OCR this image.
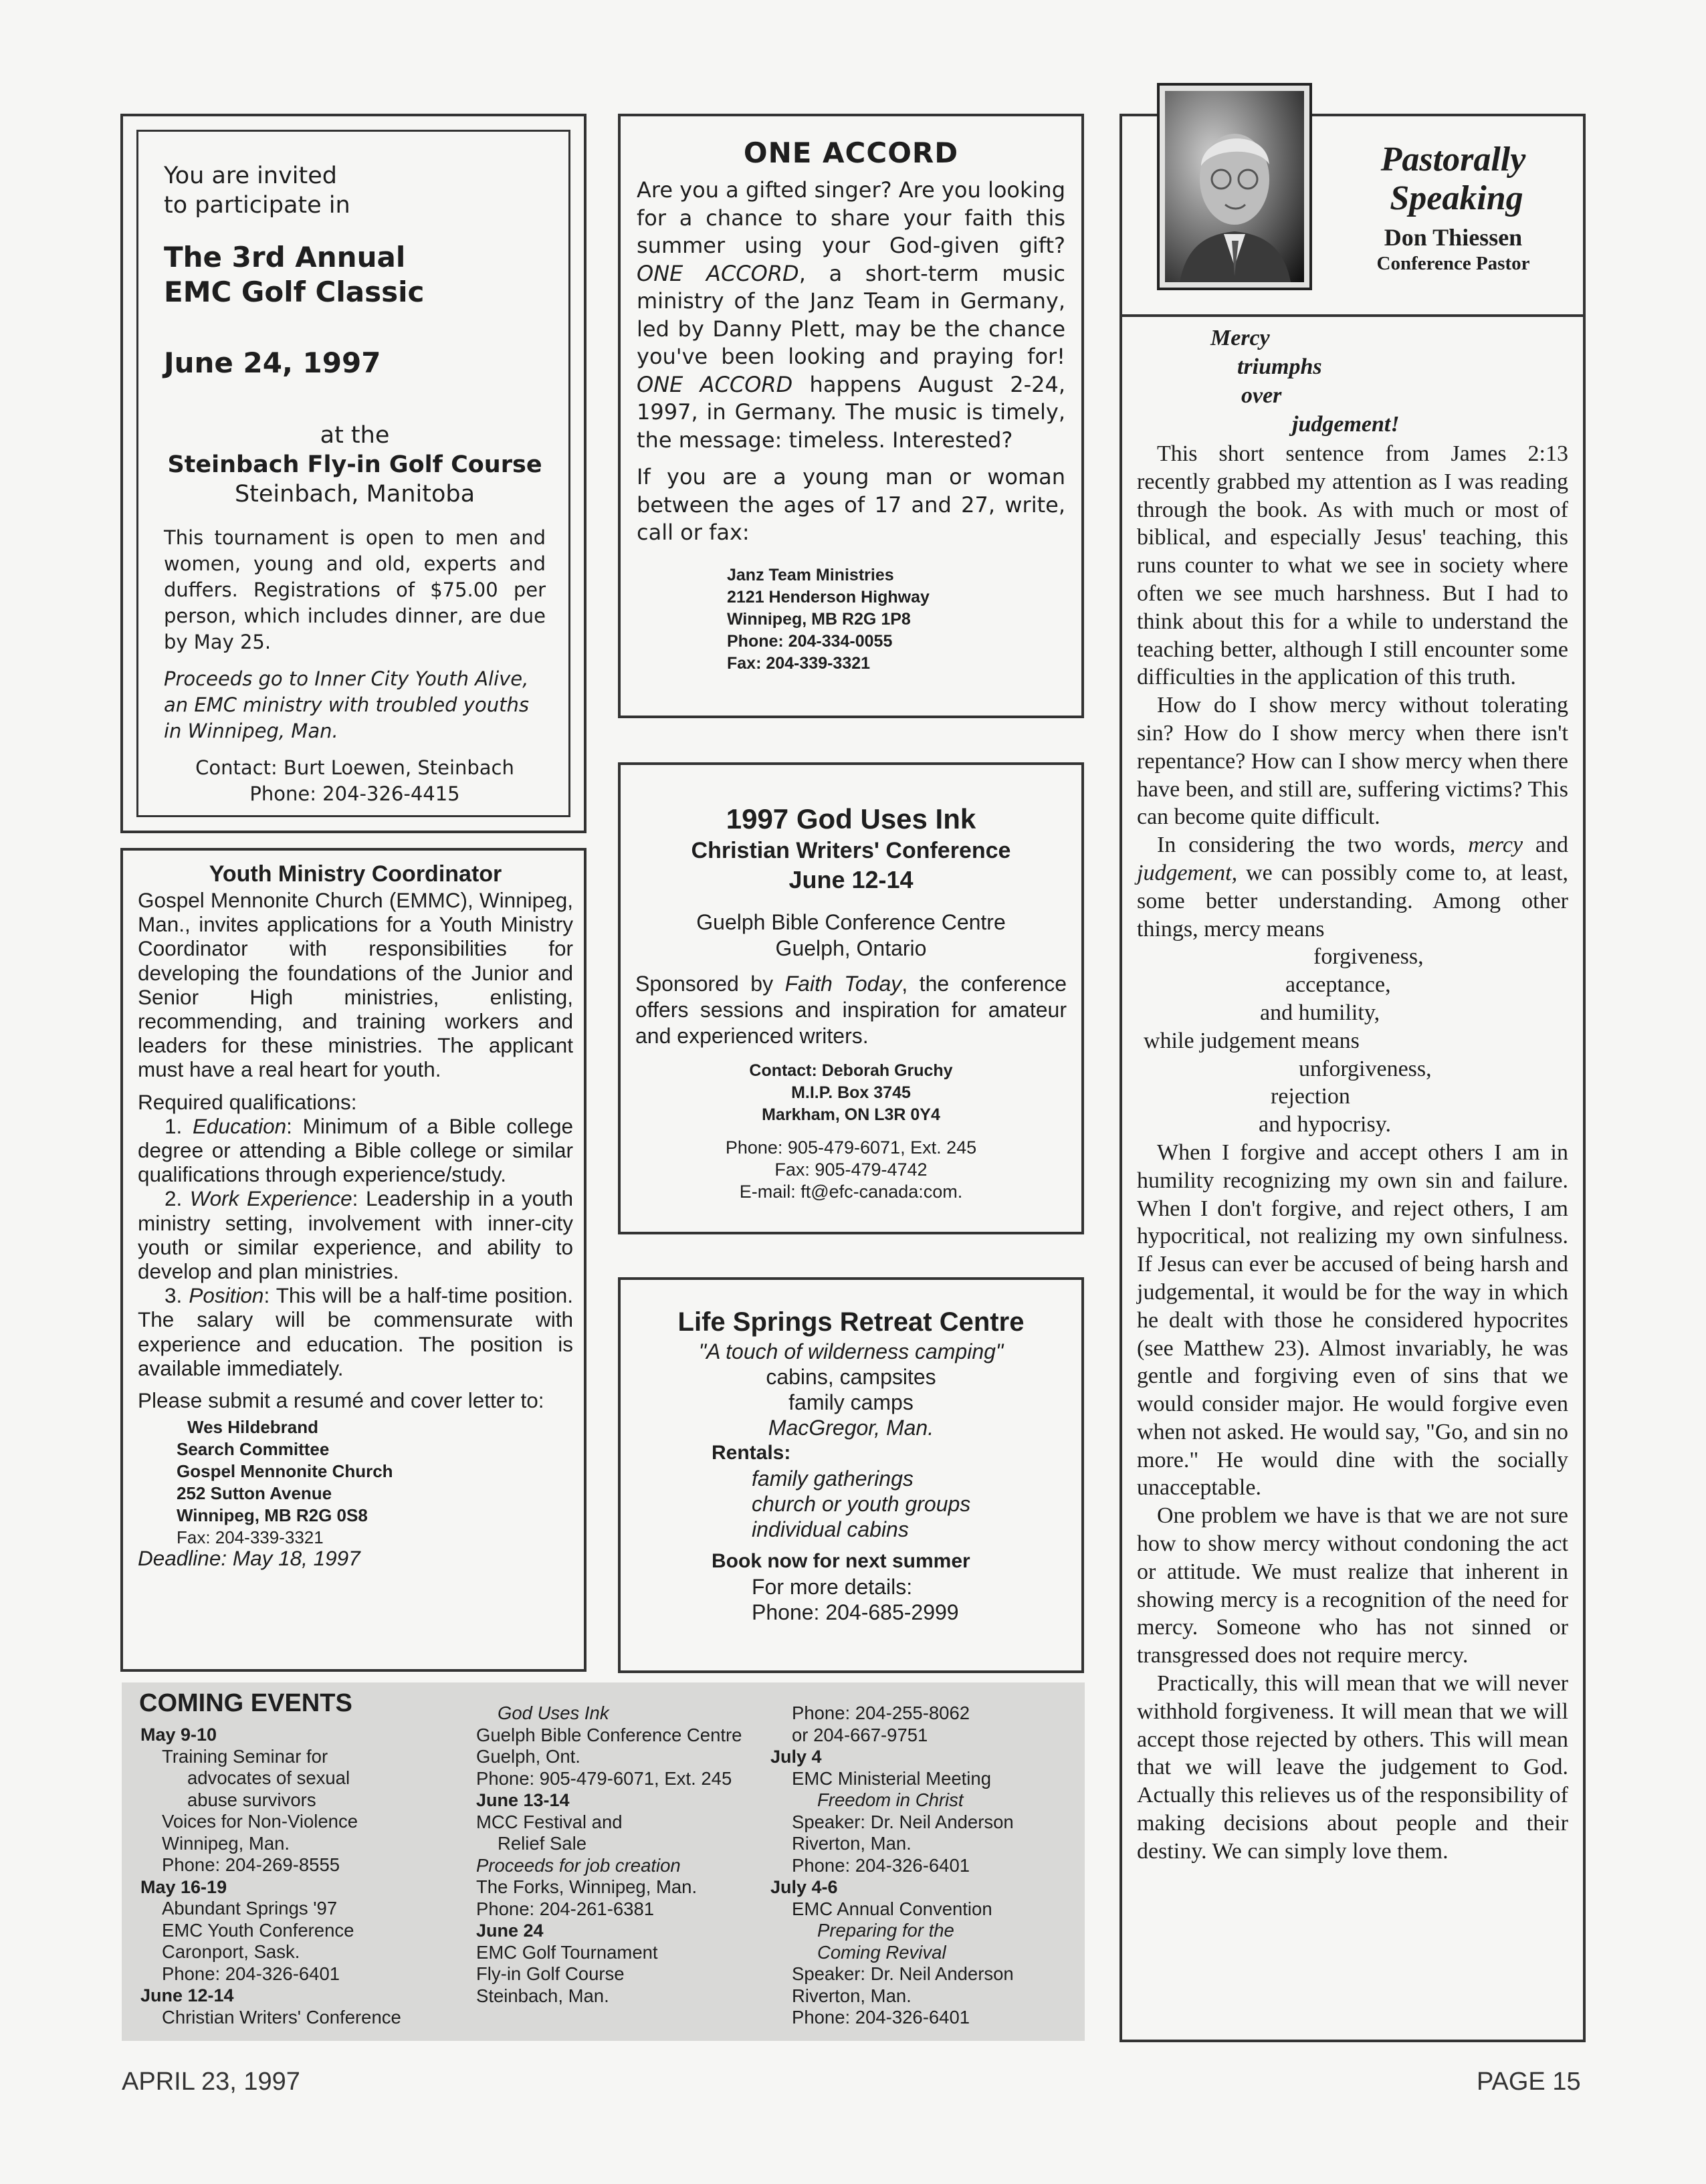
You are invited

to participate in

The 3rd Annual

EMC Golf Classic

June 24, 1997

at the

Steinbach Fly-in Golf Course

Steinbach, Manitoba

This tournament is open to men and women, young and old, experts and duffers. Registrations of $75.00 per person, which includes dinner, are due by May 25.

Proceeds go to Inner City Youth Alive, an EMC ministry with troubled youths in Winnipeg, Man.

Contact: Burt Loewen, Steinbach

Phone: 204-326-4415

ONE ACCORD

Are you a gifted singer? Are you looking for a chance to share your faith this summer using your God-given gift? ONE ACCORD, a short-term music ministry of the Janz Team in Germany, led by Danny Plett, may be the chance you've been looking and praying for! ONE ACCORD happens August 2-24, 1997, in Germany. The music is timely, the message: timeless. Interested?

If you are a young man or woman between the ages of 17 and 27, write, call or fax:

Janz Team Ministries

2121 Henderson Highway

Winnipeg, MB R2G 1P8

Phone: 204-334-0055

Fax: 204-339-3321

Youth Ministry Coordinator

Gospel Mennonite Church (EMMC), Winnipeg, Man., invites applications for a Youth Ministry Coordinator with responsibilities for developing the foundations of the Junior and Senior High ministries, enlisting, recommending, and training workers and leaders for these ministries. The applicant must have a real heart for youth.

Required qualifications:

1. Education: Minimum of a Bible college degree or attending a Bible college or similar qualifications through experience/study.

2. Work Experience: Leadership in a youth ministry setting, involvement with inner-city youth or similar experience, and ability to develop and plan ministries.

3. Position: This will be a half-time position. The salary will be commensurate with experience and education. The position is available immediately.

Please submit a resumé and cover letter to:

Wes Hildebrand

Search Committee

Gospel Mennonite Church

252 Sutton Avenue

Winnipeg, MB R2G 0S8

Fax: 204-339-3321

Deadline: May 18, 1997

1997 God Uses Ink

Christian Writers' Conference

June 12-14

Guelph Bible Conference Centre

Guelph, Ontario

Sponsored by Faith Today, the conference offers sessions and inspiration for amateur and experienced writers.

Contact: Deborah Gruchy

M.I.P. Box 3745

Markham, ON L3R 0Y4

Phone: 905-479-6071, Ext. 245

Fax: 905-479-4742

E-mail: ft@efc-canada:com.

Life Springs Retreat Centre

"A touch of wilderness camping"

cabins, campsites

family camps

MacGregor, Man.

Rentals:

family gatherings

church or youth groups

individual cabins

Book now for next summer

For more details:

Phone: 204-685-2999

COMING EVENTS

May 9-10

Training Seminar for

advocates of sexual

abuse survivors

Voices for Non-Violence

Winnipeg, Man.

Phone: 204-269-8555

May 16-19

Abundant Springs '97

EMC Youth Conference

Caronport, Sask.

Phone: 204-326-6401

June 12-14

Christian Writers' Conference

God Uses Ink

Guelph Bible Conference Centre

Guelph, Ont.

Phone: 905-479-6071, Ext. 245

June 13-14

MCC Festival and

Relief Sale

Proceeds for job creation

The Forks, Winnipeg, Man.

Phone: 204-261-6381

June 24

EMC Golf Tournament

Fly-in Golf Course

Steinbach, Man.

Phone: 204-255-8062

or 204-667-9751

July 4

EMC Ministerial Meeting

Freedom in Christ

Speaker: Dr. Neil Anderson

Riverton, Man.

Phone: 204-326-6401

July 4-6

EMC Annual Convention

Preparing for the

Coming Revival

Speaker: Dr. Neil Anderson

Riverton, Man.

Phone: 204-326-6401

Pastorally

Speaking

Don Thiessen

Conference Pastor

Mercy

triumphs

over

judgement!

This short sentence from James 2:13 recently grabbed my attention as I was reading through the book. As with much or most of biblical, and especially Jesus' teaching, this runs counter to what we see in society where often we see much harshness. But I had to think about this for a while to understand the teaching better, although I still encounter some difficulties in the application of this truth.

How do I show mercy without tolerating sin? How do I show mercy when there isn't repentance? How can I show mercy when there have been, and still are, suffering victims? This can become quite difficult.

In considering the two words, mercy and judgement, we can possibly come to, at least, some better understanding. Among other things, mercy means

forgiveness,

acceptance,

and humility,

while judgement means

unforgiveness,

rejection

and hypocrisy.

When I forgive and accept others I am in humility recognizing my own sin and failure. When I don't forgive, and reject others, I am hypocritical, not realizing my own sinfulness. If Jesus can ever be accused of being harsh and judgemental, it would be for the way in which he dealt with those he considered hypocrites (see Matthew 23). Almost invariably, he was gentle and forgiving even of sins that we would consider major. He would forgive even when not asked. He would say, "Go, and sin no more." He would dine with the socially unacceptable.

One problem we have is that we are not sure how to show mercy without condoning the act or attitude. We must realize that inherent in showing mercy is a recognition of the need for mercy. Someone who has not sinned or transgressed does not require mercy.

Practically, this will mean that we will never withhold forgiveness. It will mean that we will accept those rejected by others. This will mean that we will leave the judgement to God. Actually this relieves us of the responsibility of making decisions about people and their destiny. We can simply love them.

APRIL 23, 1997	PAGE 15
